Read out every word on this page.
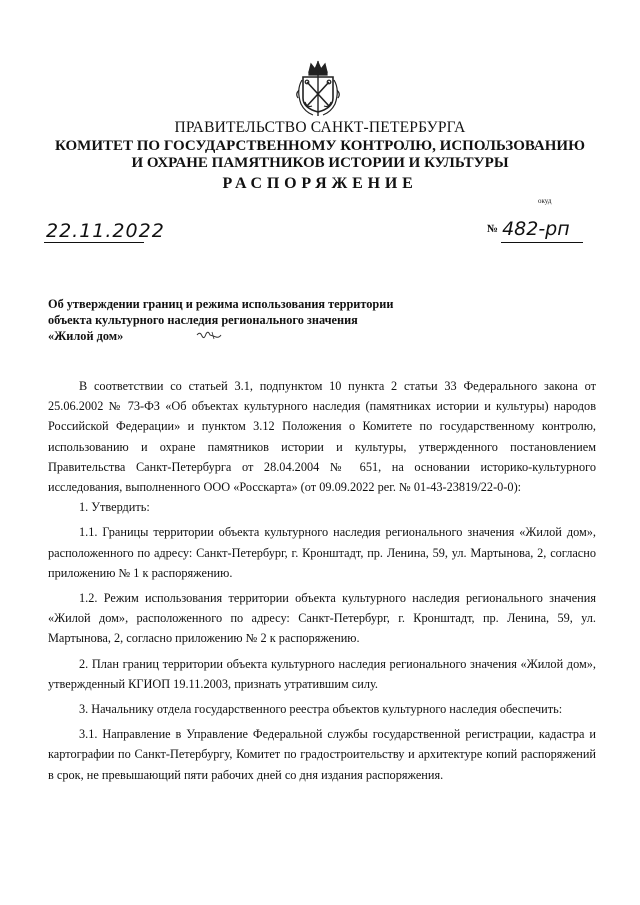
ПРАВИТЕЛЬСТВО САНКТ-ПЕТЕРБУРГА
КОМИТЕТ ПО ГОСУДАРСТВЕННОМУ КОНТРОЛЮ, ИСПОЛЬЗОВАНИЮ
И ОХРАНЕ ПАМЯТНИКОВ ИСТОРИИ И КУЛЬТУРЫ
РАСПОРЯЖЕНИЕ
окуд
22.11.2022	№ 482-рп
Об утверждении границ и режима использования территории
объекта культурного наследия регионального значения
«Жилой дом»

В соответствии со статьей 3.1, подпунктом 10 пункта 2 статьи 33 Федерального закона от 25.06.2002 № 73-ФЗ «Об объектах культурного наследия (памятниках истории и культуры) народов Российской Федерации» и пунктом 3.12 Положения о Комитете по государственному контролю, использованию и охране памятников истории и культуры, утвержденного постановлением Правительства Санкт-Петербурга от 28.04.2004 № 651, на основании историко-культурного исследования, выполненного ООО «Росскарта» (от 09.09.2022 рег. № 01-43-23819/22-0-0):

1. Утвердить:

1.1. Границы территории объекта культурного наследия регионального значения «Жилой дом», расположенного по адресу: Санкт-Петербург, г. Кронштадт, пр. Ленина, 59, ул. Мартынова, 2, согласно приложению № 1 к распоряжению.

1.2. Режим использования территории объекта культурного наследия регионального значения «Жилой дом», расположенного по адресу: Санкт-Петербург, г. Кронштадт, пр. Ленина, 59, ул. Мартынова, 2, согласно приложению № 2 к распоряжению.

2. План границ территории объекта культурного наследия регионального значения «Жилой дом», утвержденный КГИОП 19.11.2003, признать утратившим силу.

3. Начальнику отдела государственного реестра объектов культурного наследия обеспечить:

3.1. Направление в Управление Федеральной службы государственной регистрации, кадастра и картографии по Санкт-Петербургу, Комитет по градостроительству и архитектуре копий распоряжений в срок, не превышающий пяти рабочих дней со дня издания распоряжения.
